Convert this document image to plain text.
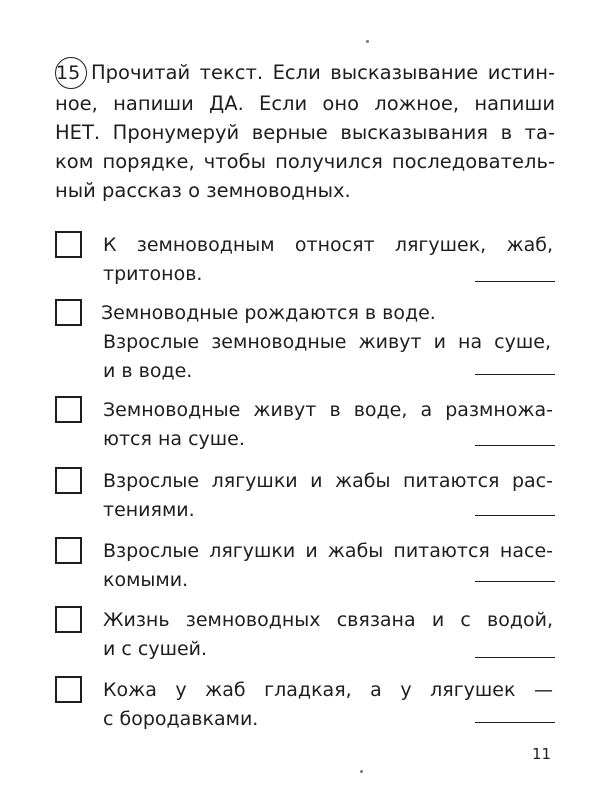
15 Прочитай текст. Если высказывание истин-
ное, напиши ДА. Если оно ложное, напиши
НЕТ. Пронумеруй верные высказывания в та-
ком порядке, чтобы получился последователь-
ный рассказ о земноводных.
К земноводным относят лягушек, жаб,
тритонов.
Земноводные рождаются в воде.
Взрослые земноводные живут и на суше,
и в воде.
Земноводные живут в воде, а размножа-
ются на суше.
Взрослые лягушки и жабы питаются рас-
тениями.
Взрослые лягушки и жабы питаются насе-
комыми.
Жизнь земноводных связана и с водой,
и с сушей.
Кожа у жаб гладкая, а у лягушек —
с бородавками.
11
